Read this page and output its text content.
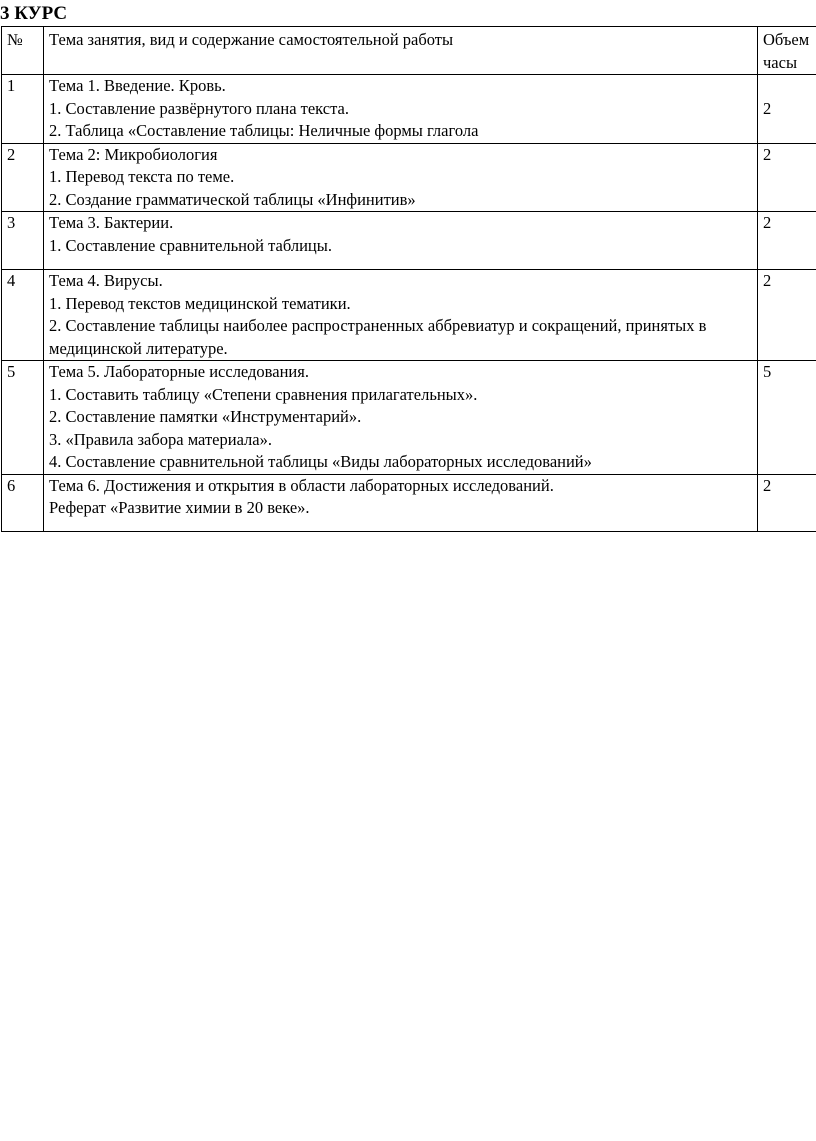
3 КУРС
№	Тема занятия, вид и содержание самостоятельной работы	Объем
часы

1	Тема 1. Введение. Кровь.
1. Составление развёрнутого плана текста.
2. Таблица «Составление таблицы: Неличные формы глагола	2
2	Тема 2: Микробиология
1. Перевод текста по теме.
2. Создание грамматической таблицы «Инфинитив»	2
3	Тема 3. Бактерии.
1. Составление сравнительной таблицы.	2
4	Тема 4. Вирусы.
1. Перевод текстов медицинской тематики.
2. Составление таблицы наиболее распространенных аббревиатур и сокращений, принятых в медицинской литературе.	2
5	Тема 5. Лабораторные исследования.
1. Составить таблицу «Степени сравнения прилагательных».
2. Составление памятки «Инструментарий».
3. «Правила забора материала».
4. Составление сравнительной таблицы «Виды лабораторных исследований»	5
6	Тема 6. Достижения и открытия в области лабораторных исследований.
Реферат «Развитие химии в 20 веке».	2
